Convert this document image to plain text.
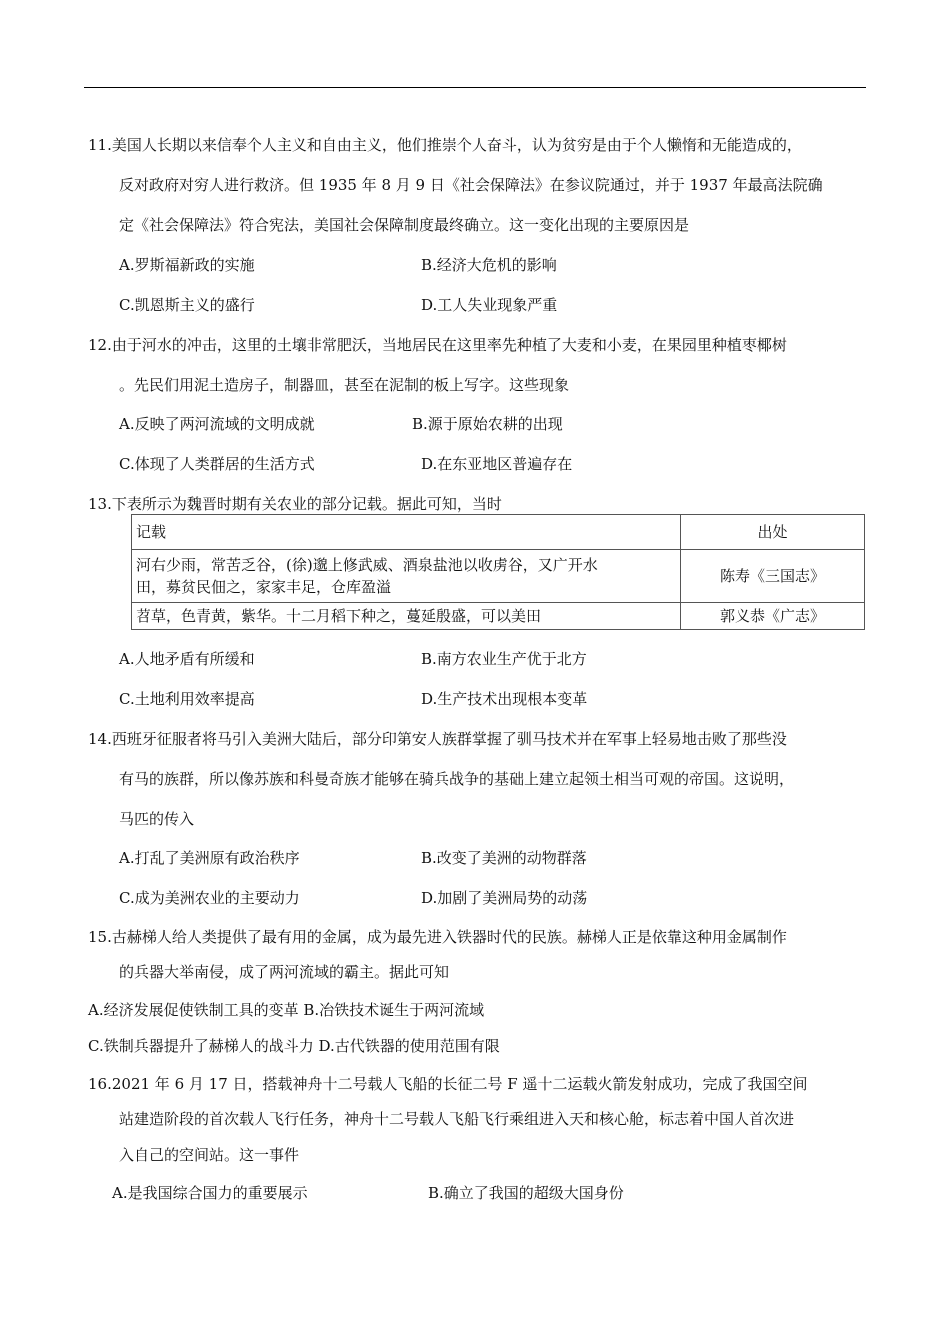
11.美国人长期以来信奉个人主义和自由主义，他们推崇个人奋斗，认为贫穷是由于个人懒惰和无能造成的，
反对政府对穷人进行救济。但 1935 年 8 月 9 日《社会保障法》在参议院通过，并于 1937 年最高法院确
定《社会保障法》符合宪法，美国社会保障制度最终确立。这一变化出现的主要原因是
A.罗斯福新政的实施	B.经济大危机的影响
C.凯恩斯主义的盛行	D.工人失业现象严重
12.由于河水的冲击，这里的土壤非常肥沃，当地居民在这里率先种植了大麦和小麦，在果园里种植枣椰树
。先民们用泥土造房子，制器皿，甚至在泥制的板上写字。这些现象
A.反映了两河流域的文明成就	B.源于原始农耕的出现
C.体现了人类群居的生活方式	D.在东亚地区普遍存在
13.下表所示为魏晋时期有关农业的部分记载。据此可知，当时
记载	出处

河右少雨，常苦乏谷，(徐)邈上修武威、酒泉盐池以收虏谷，又广开水
田，募贫民佃之，家家丰足，仓库盈溢	陈寿《三国志》

苕草，色青黄，紫华。十二月稻下种之，蔓延殷盛，可以美田	郭义恭《广志》
A.人地矛盾有所缓和	B.南方农业生产优于北方
C.土地利用效率提高	D.生产技术出现根本变革
14.西班牙征服者将马引入美洲大陆后，部分印第安人族群掌握了驯马技术并在军事上轻易地击败了那些没
有马的族群，所以像苏族和科曼奇族才能够在骑兵战争的基础上建立起领土相当可观的帝国。这说明，
马匹的传入
A.打乱了美洲原有政治秩序	B.改变了美洲的动物群落
C.成为美洲农业的主要动力	D.加剧了美洲局势的动荡
15.古赫梯人给人类提供了最有用的金属，成为最先进入铁器时代的民族。赫梯人正是依靠这种用金属制作
的兵器大举南侵，成了两河流域的霸主。据此可知
A.经济发展促使铁制工具的变革 B.冶铁技术诞生于两河流域
C.铁制兵器提升了赫梯人的战斗力 D.古代铁器的使用范围有限
16.2021 年 6 月 17 日，搭载神舟十二号载人飞船的长征二号 F 遥十二运载火箭发射成功，完成了我国空间
站建造阶段的首次载人飞行任务，神舟十二号载人飞船飞行乘组进入天和核心舱，标志着中国人首次进
入自己的空间站。这一事件
A.是我国综合国力的重要展示	B.确立了我国的超级大国身份
